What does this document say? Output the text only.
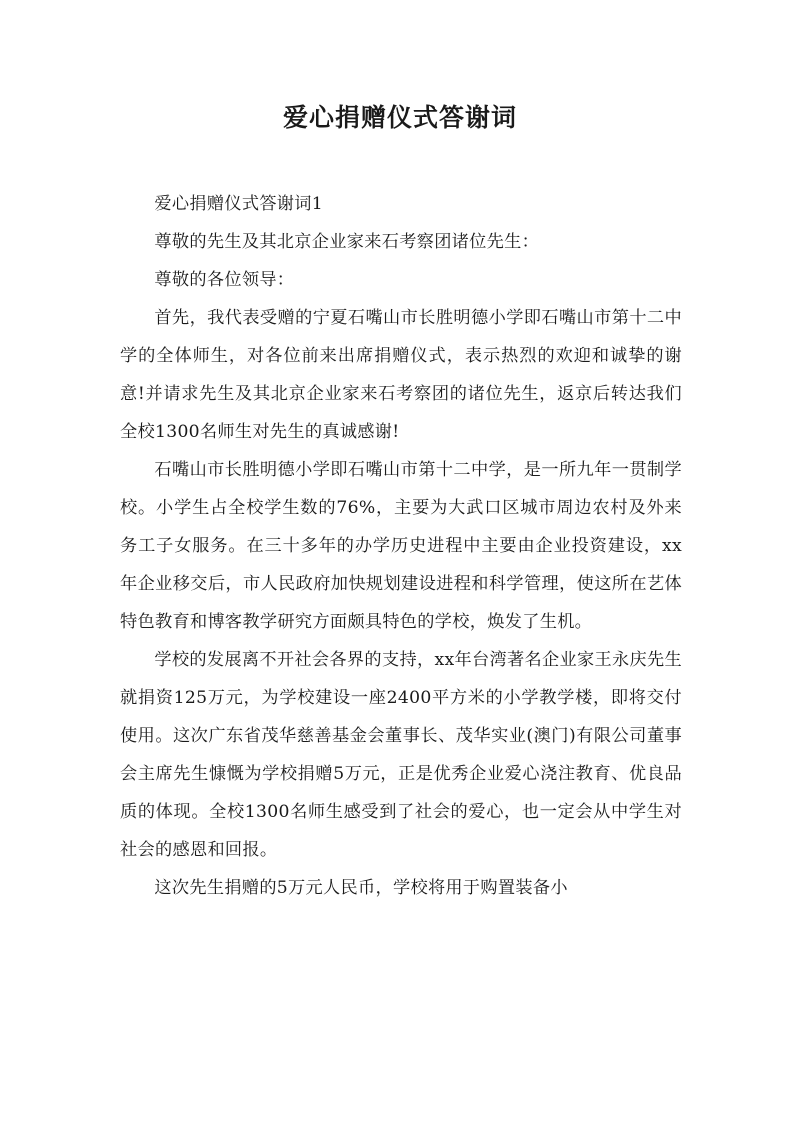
爱心捐赠仪式答谢词

爱心捐赠仪式答谢词1

尊敬的先生及其北京企业家来石考察团诸位先生：

尊敬的各位领导：

首先，我代表受赠的宁夏石嘴山市长胜明德小学即石嘴山市第十二中学的全体师生，对各位前来出席捐赠仪式，表示热烈的欢迎和诚挚的谢意!并请求先生及其北京企业家来石考察团的诸位先生，返京后转达我们全校1300名师生对先生的真诚感谢!

石嘴山市长胜明德小学即石嘴山市第十二中学，是一所九年一贯制学校。小学生占全校学生数的76%，主要为大武口区城市周边农村及外来务工子女服务。在三十多年的办学历史进程中主要由企业投资建设，xx年企业移交后，市人民政府加快规划建设进程和科学管理，使这所在艺体特色教育和博客教学研究方面颇具特色的学校，焕发了生机。

学校的发展离不开社会各界的支持，xx年台湾著名企业家王永庆先生就捐资125万元，为学校建设一座2400平方米的小学教学楼，即将交付使用。这次广东省茂华慈善基金会董事长、茂华实业(澳门)有限公司董事会主席先生慷慨为学校捐赠5万元，正是优秀企业爱心浇注教育、优良品质的体现。全校1300名师生感受到了社会的爱心，也一定会从中学生对社会的感恩和回报。

这次先生捐赠的5万元人民币，学校将用于购置装备小
